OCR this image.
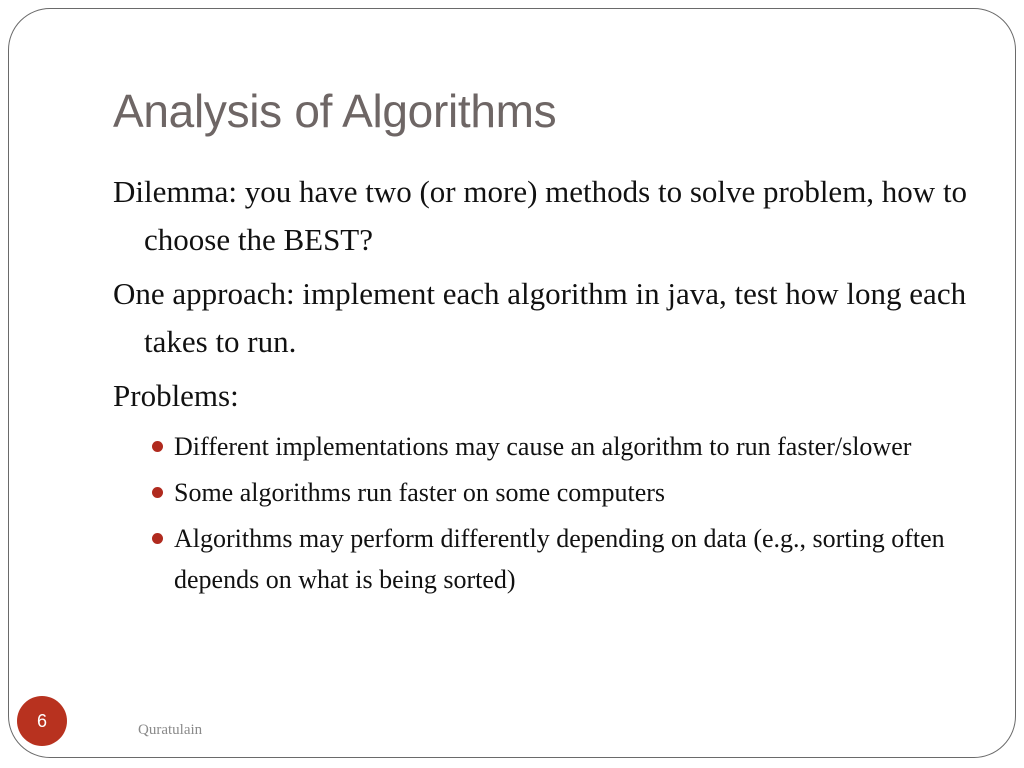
Analysis of Algorithms

Dilemma: you have two (or more) methods to solve problem, how to choose the BEST?

One approach: implement each algorithm in java, test how long each takes to run.

Problems:

Different implementations may cause an algorithm to run faster/slower
Some algorithms run faster on some computers
Algorithms may perform differently depending on data (e.g., sorting often depends on what is being sorted)
6	Quratulain
